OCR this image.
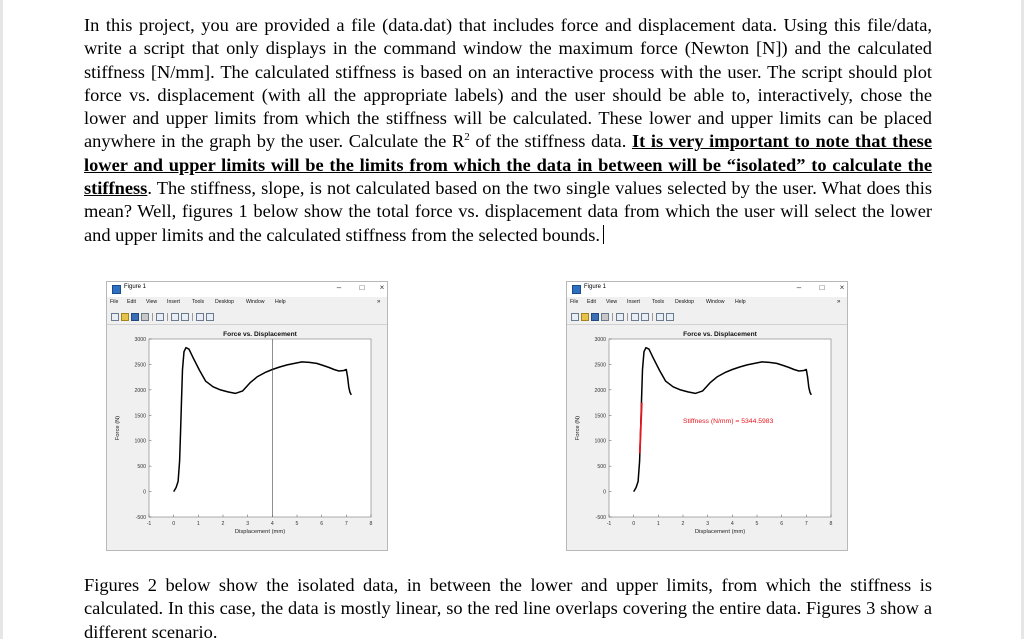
In this project, you are provided a file (data.dat) that includes force and displacement data. Using this file/data, write a script that only displays in the command window the maximum force (Newton [N]) and the calculated stiffness [N/mm]. The calculated stiffness is based on an interactive process with the user. The script should plot force vs. displacement (with all the appropriate labels) and the user should be able to, interactively, chose the lower and upper limits from which the stiffness will be calculated. These lower and upper limits can be placed anywhere in the graph by the user. Calculate the $R^2$ of the stiffness data. It is very important to note that these lower and upper limits will be the limits from which the data in between will be “isolated” to calculate the stiffness. The stiffness, slope, is not calculated based on the two single values selected by the user. What does this mean? Well, figures 1 below show the total force vs. displacement data from which the user will select the lower and upper limits and the calculated stiffness from the selected bounds.

Figure 1	–	□	×
File Edit View Insert Tools Desktop Window Help	»
Force vs. Displacement
-1	0	1	2	3	4	5	6	7	8
-500
0
500
1000
1500
2000
2500
3000
Displacement (mm)
Force (N)
Figure 1	–	□	×
File Edit View Insert Tools Desktop Window Help	»
Force vs. Displacement
-1	0	1	2	3	4	5	6	7	8
-500
0
500
1000
1500
2000
2500
3000
Displacement (mm)
Force (N)	Stiffness (N/mm) = 5344.5983

Figures 2 below show the isolated data, in between the lower and upper limits, from which the stiffness is calculated. In this case, the data is mostly linear, so the red line overlaps covering the entire data. Figures 3 show a different scenario.
